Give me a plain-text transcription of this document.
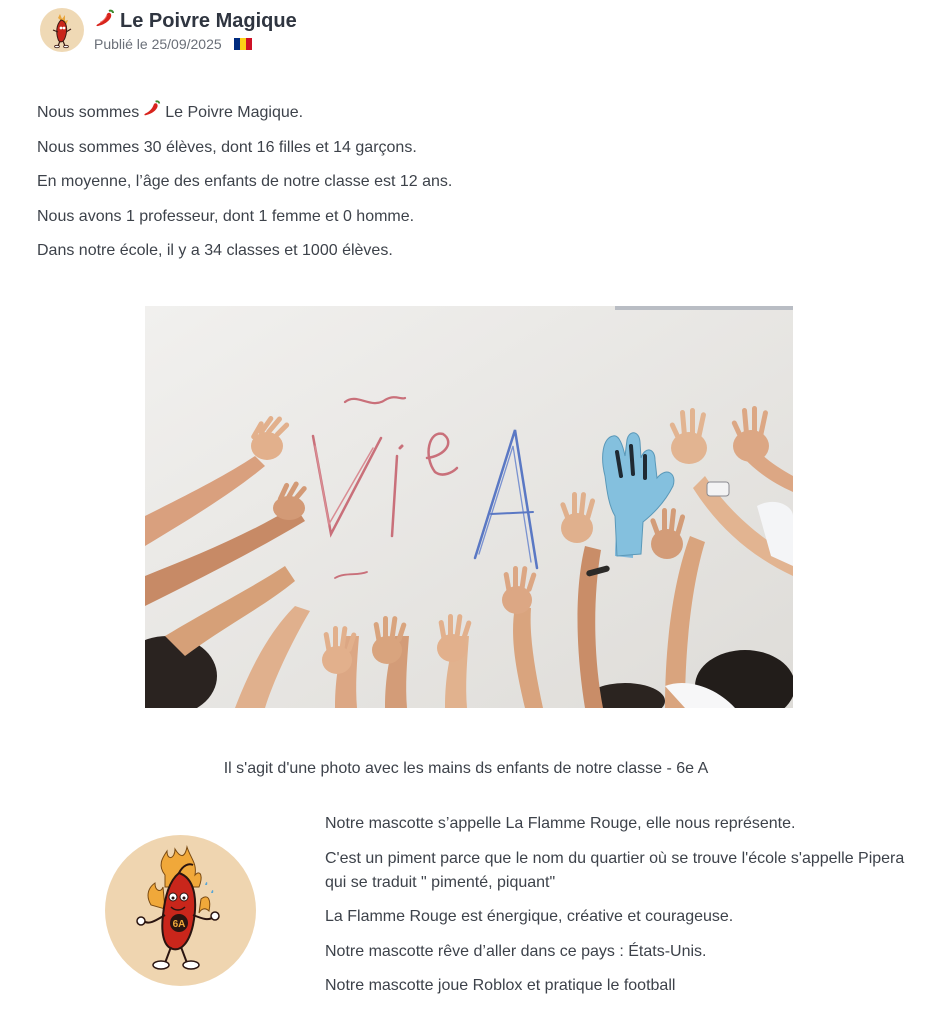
Le Poivre Magique
Publié le 25/09/2025

Nous sommes Le Poivre Magique.

Nous sommes 30 élèves, dont 16 filles et 14 garçons.

En moyenne, l’âge des enfants de notre classe est 12 ans.

Nous avons 1 professeur, dont 1 femme et 0 homme.

Dans notre école, il y a 34 classes et 1000 élèves.

Il s'agit d'une photo avec les mains ds enfants de notre classe - 6e A
6A

Notre mascotte s’appelle La Flamme Rouge, elle nous représente.

C'est un piment parce que le nom du quartier où se trouve l'école s'appelle Pipera qui se traduit " pimenté, piquant"

La Flamme Rouge est énergique, créative et courageuse.

Notre mascotte rêve d’aller dans ce pays : États-Unis.

Notre mascotte joue Roblox et pratique le football
